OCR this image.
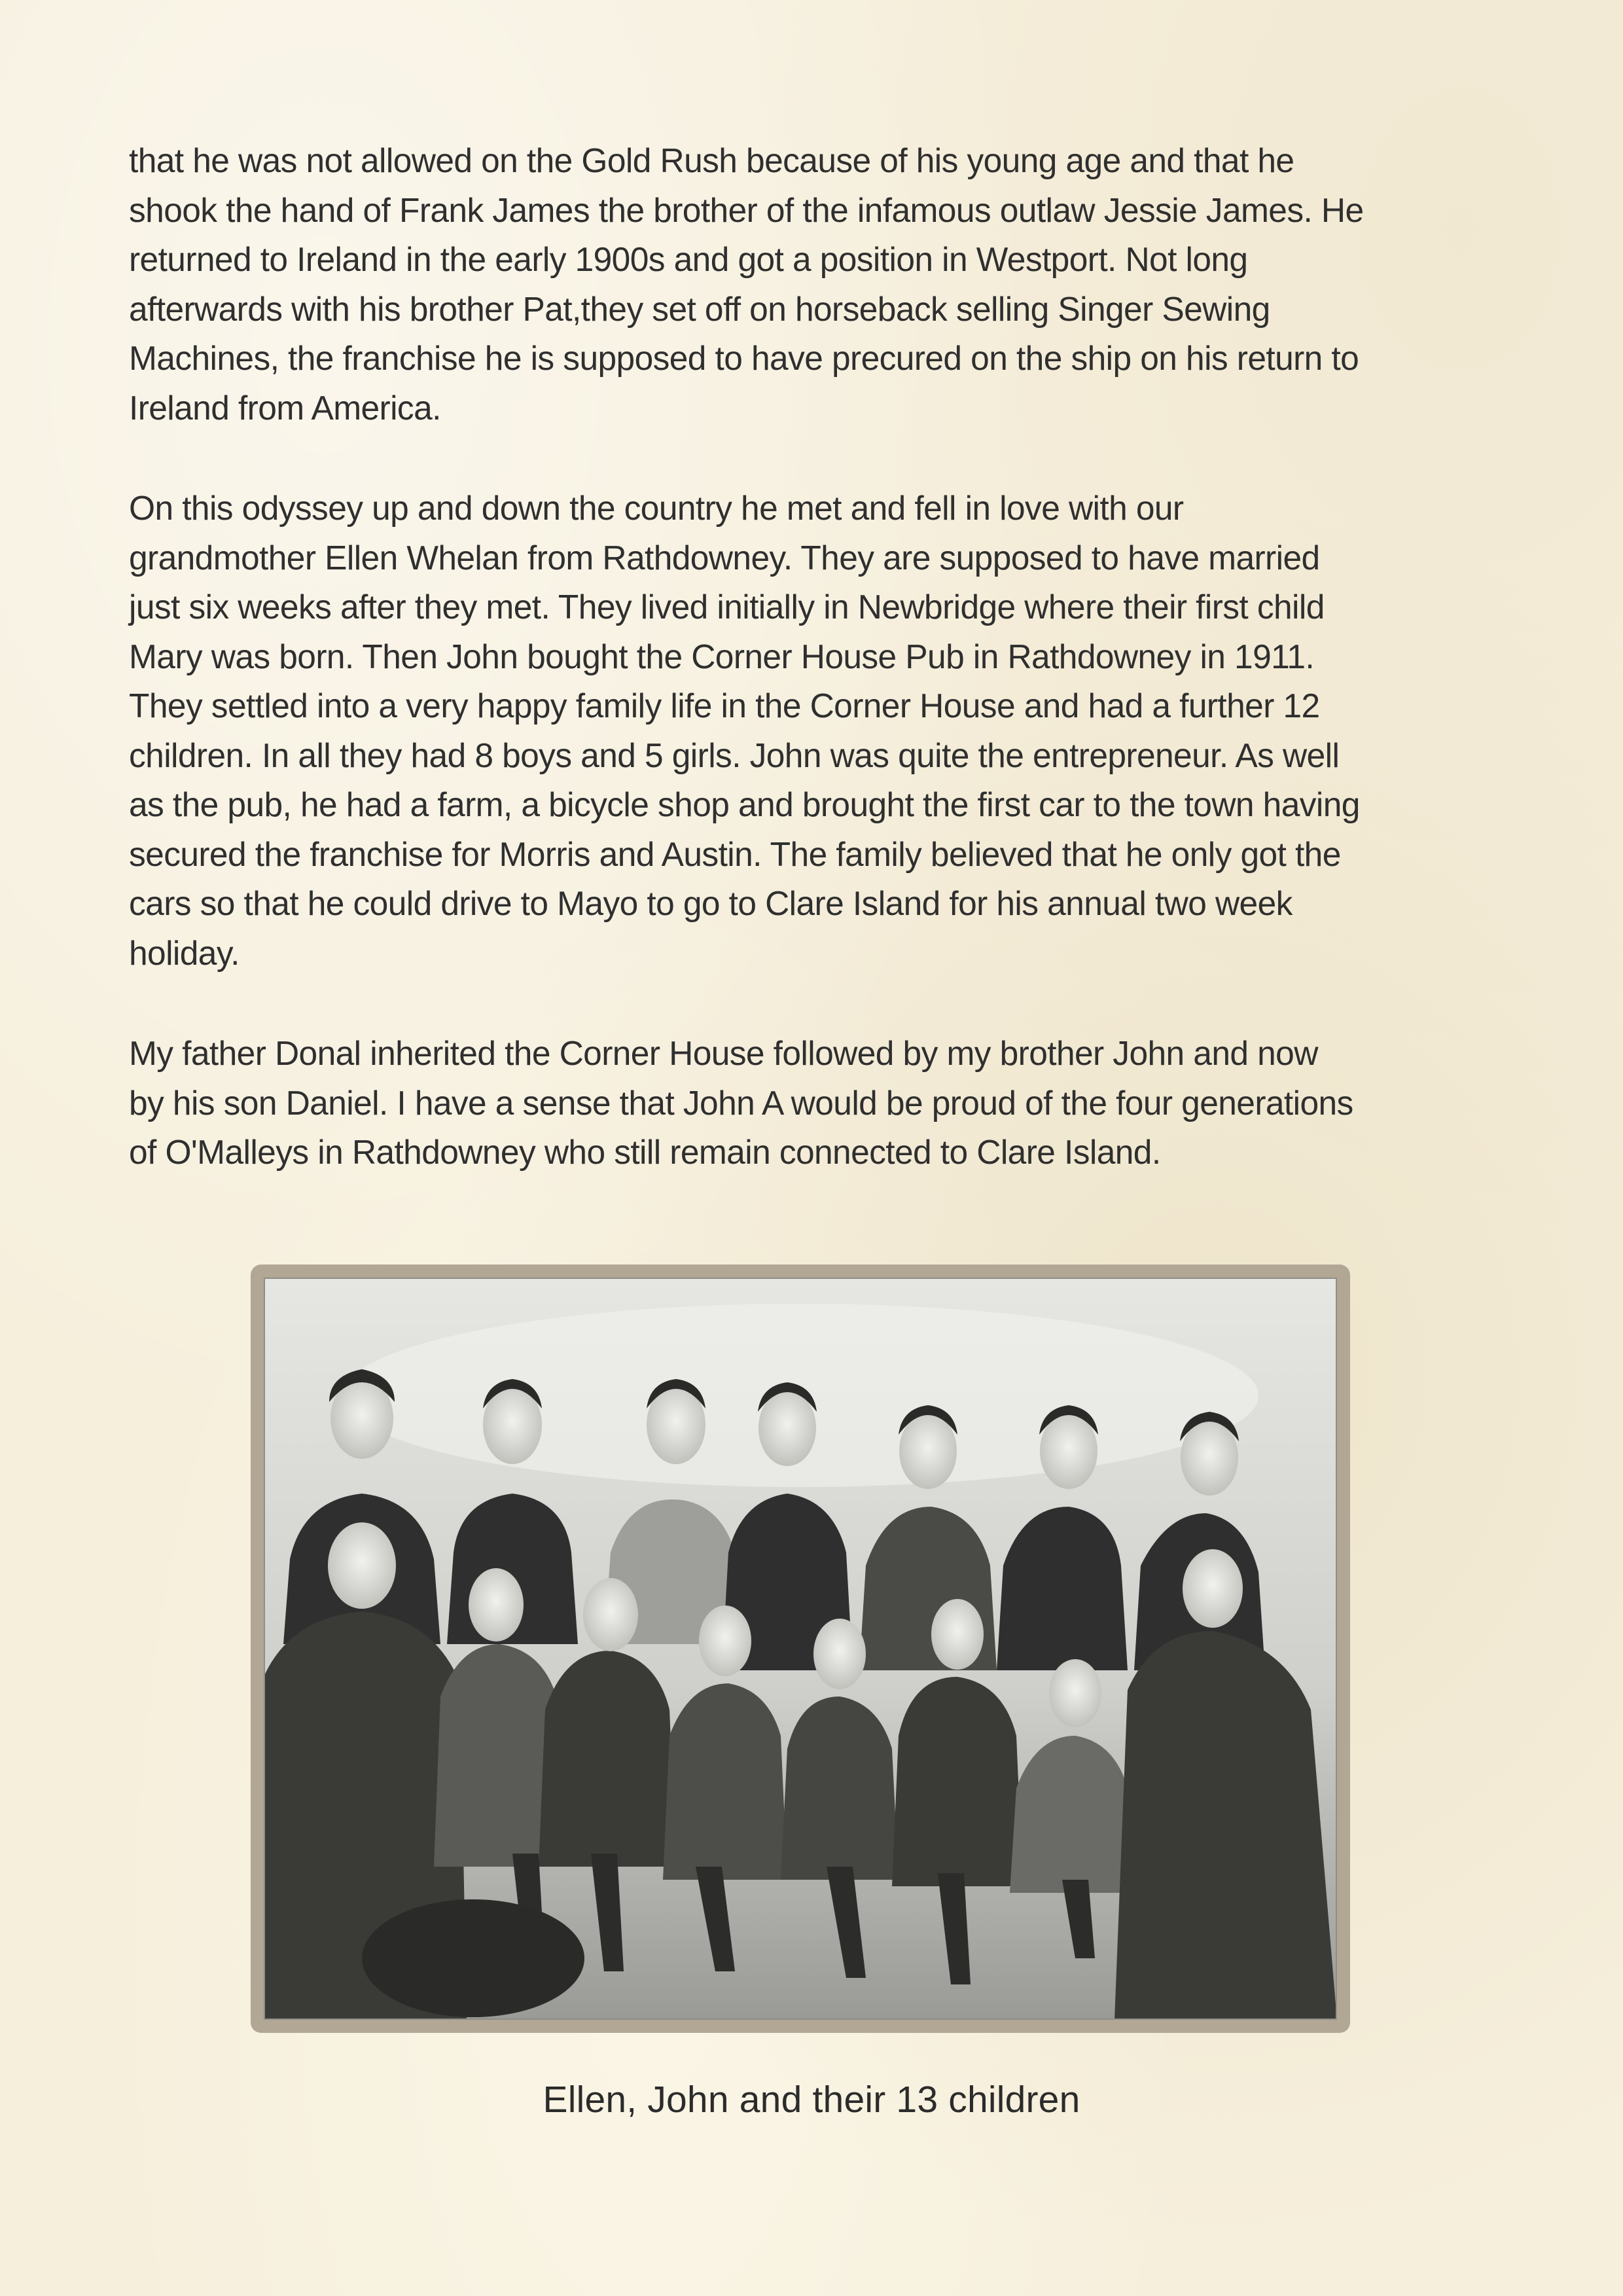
that he was not allowed on the Gold Rush because of his young age and that he
shook the hand of Frank James the brother of the infamous outlaw Jessie James. He
returned to Ireland in the early 1900s and got a position in Westport. Not long
afterwards with his brother Pat,they set off on horseback selling Singer Sewing
Machines, the franchise he is supposed to have precured on the ship on his return to
Ireland from America.

On this odyssey up and down the country he met and fell in love with our
grandmother Ellen Whelan from Rathdowney. They are supposed to have married
just six weeks after they met. They lived initially in Newbridge where their first child
Mary was born. Then John bought the Corner House Pub in Rathdowney in 1911.
They settled into a very happy family life in the Corner House and had a further 12
children. In all they had 8 boys and 5 girls. John was quite the entrepreneur. As well
as the pub, he had a farm, a bicycle shop and brought the first car to the town having
secured the franchise for Morris and Austin. The family believed that he only got the
cars so that he could drive to Mayo to go to Clare Island for his annual two week
holiday.

My father Donal inherited the Corner House followed by my brother John and now
by his son Daniel. I have a sense that John A would be proud of the four generations
of O'Malleys in Rathdowney who still remain connected to Clare Island.

Ellen, John and their 13 children
